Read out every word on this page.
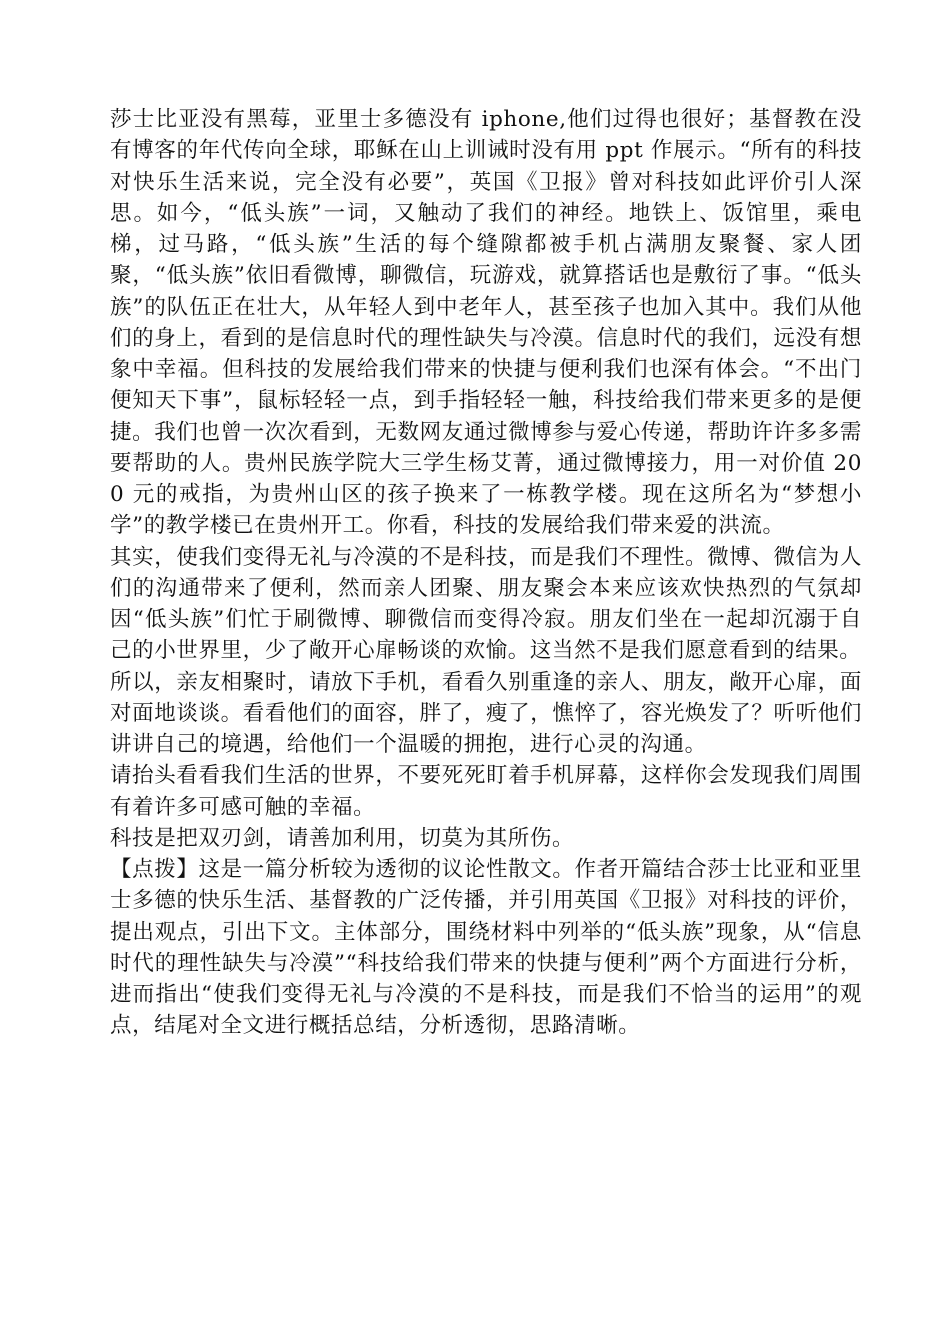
莎士比亚没有黑莓，亚里士多德没有 iphone,他们过得也很好；基督教在没有博客的年代传向全球，耶稣在山上训诫时没有用 ppt 作展示。“所有的科技对快乐生活来说，完全没有必要”，英国《卫报》曾对科技如此评价引人深思。如今，“低头族”一词，又触动了我们的神经。地铁上、饭馆里，乘电梯，过马路，“低头族”生活的每个缝隙都被手机占满朋友聚餐、家人团聚，“低头族”依旧看微博，聊微信，玩游戏，就算搭话也是敷衍了事。“低头族”的队伍正在壮大，从年轻人到中老年人，甚至孩子也加入其中。我们从他们的身上，看到的是信息时代的理性缺失与冷漠。信息时代的我们，远没有想象中幸福。但科技的发展给我们带来的快捷与便利我们也深有体会。“不出门便知天下事”，鼠标轻轻一点，到手指轻轻一触，科技给我们带来更多的是便捷。我们也曾一次次看到，无数网友通过微博参与爱心传递，帮助许许多多需要帮助的人。贵州民族学院大三学生杨艾菁，通过微博接力，用一对价值 200 元的戒指，为贵州山区的孩子换来了一栋教学楼。现在这所名为“梦想小学”的教学楼已在贵州开工。你看，科技的发展给我们带来爱的洪流。

其实，使我们变得无礼与冷漠的不是科技，而是我们不理性。微博、微信为人们的沟通带来了便利，然而亲人团聚、朋友聚会本来应该欢快热烈的气氛却因“低头族”们忙于刷微博、聊微信而变得冷寂。朋友们坐在一起却沉溺于自己的小世界里，少了敞开心扉畅谈的欢愉。这当然不是我们愿意看到的结果。

所以，亲友相聚时，请放下手机，看看久别重逢的亲人、朋友，敞开心扉，面对面地谈谈。看看他们的面容，胖了，瘦了，憔悴了，容光焕发了？听听他们讲讲自己的境遇，给他们一个温暖的拥抱，进行心灵的沟通。

请抬头看看我们生活的世界，不要死死盯着手机屏幕，这样你会发现我们周围有着许多可感可触的幸福。

科技是把双刃剑，请善加利用，切莫为其所伤。

【点拨】这是一篇分析较为透彻的议论性散文。作者开篇结合莎士比亚和亚里士多德的快乐生活、基督教的广泛传播，并引用英国《卫报》对科技的评价，提出观点，引出下文。主体部分，围绕材料中列举的“低头族”现象，从“信息时代的理性缺失与冷漠”“科技给我们带来的快捷与便利”两个方面进行分析，进而指出“使我们变得无礼与冷漠的不是科技，而是我们不恰当的运用”的观点，结尾对全文进行概括总结，分析透彻，思路清晰。
